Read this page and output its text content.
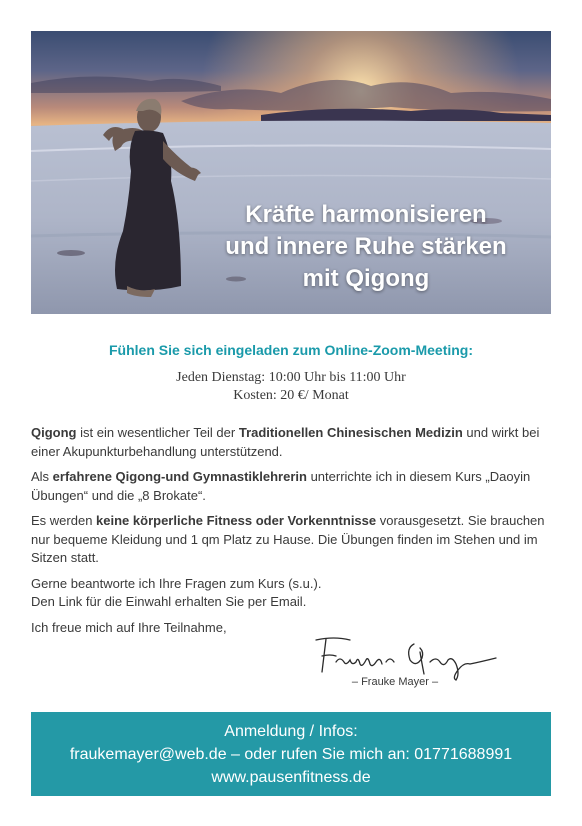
Kräfte harmonisieren
und innere Ruhe stärken
mit Qigong
Fühlen Sie sich eingeladen zum Online-Zoom-Meeting:
Jeden Dienstag: 10:00 Uhr bis 11:00 Uhr
Kosten: 20 €/ Monat

Qigong ist ein wesentlicher Teil der Traditionellen Chinesischen Medizin und wirkt bei einer Akupunkturbehandlung unterstützend.

Als erfahrene Qigong-und Gymnastiklehrerin unterrichte ich in diesem Kurs „Daoyin Übungen“ und die „8 Brokate“.

Es werden keine körperliche Fitness oder Vorkenntnisse vorausgesetzt. Sie brauchen nur bequeme Kleidung und 1 qm Platz zu Hause. Die Übungen finden im Stehen und im Sitzen statt.

Gerne beantworte ich Ihre Fragen zum Kurs (s.u.).
Den Link für die Einwahl erhalten Sie per Email.

Ich freue mich auf Ihre Teilnahme,

– Frauke Mayer –
Anmeldung / Infos:
fraukemayer@web.de – oder rufen Sie mich an: 01771688991
www.pausenfitness.de
